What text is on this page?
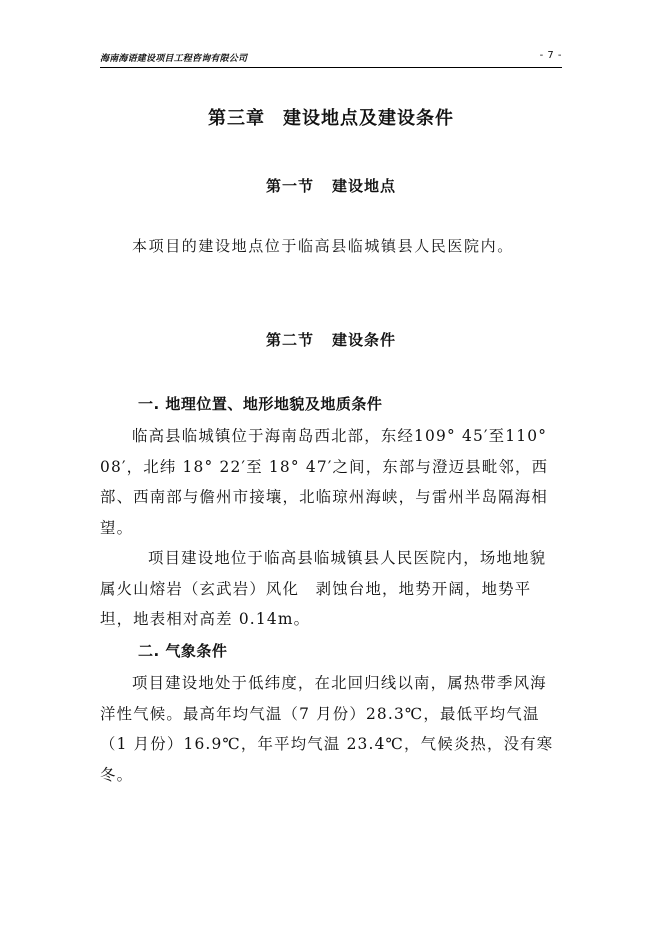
海南海语建设项目工程咨询有限公司	- 7 -
第三章 建设地点及建设条件
第一节 建设地点
本项目的建设地点位于临高县临城镇县人民医院内。
第二节 建设条件
一. 地理位置、地形地貌及地质条件
临高县临城镇位于海南岛西北部，东经109° 45′至110° 08′，北纬 18° 22′至 18° 47′之间，东部与澄迈县毗邻，西部、西南部与儋州市接壤，北临琼州海峡，与雷州半岛隔海相望。
项目建设地位于临高县临城镇县人民医院内，场地地貌属火山熔岩（玄武岩）风化　剥蚀台地，地势开阔，地势平坦，地表相对高差 0.14m。
二. 气象条件
项目建设地处于低纬度，在北回归线以南，属热带季风海洋性气候。最高年均气温（7 月份）28.3℃，最低平均气温（1 月份）16.9℃，年平均气温 23.4℃，气候炎热，没有寒冬。
